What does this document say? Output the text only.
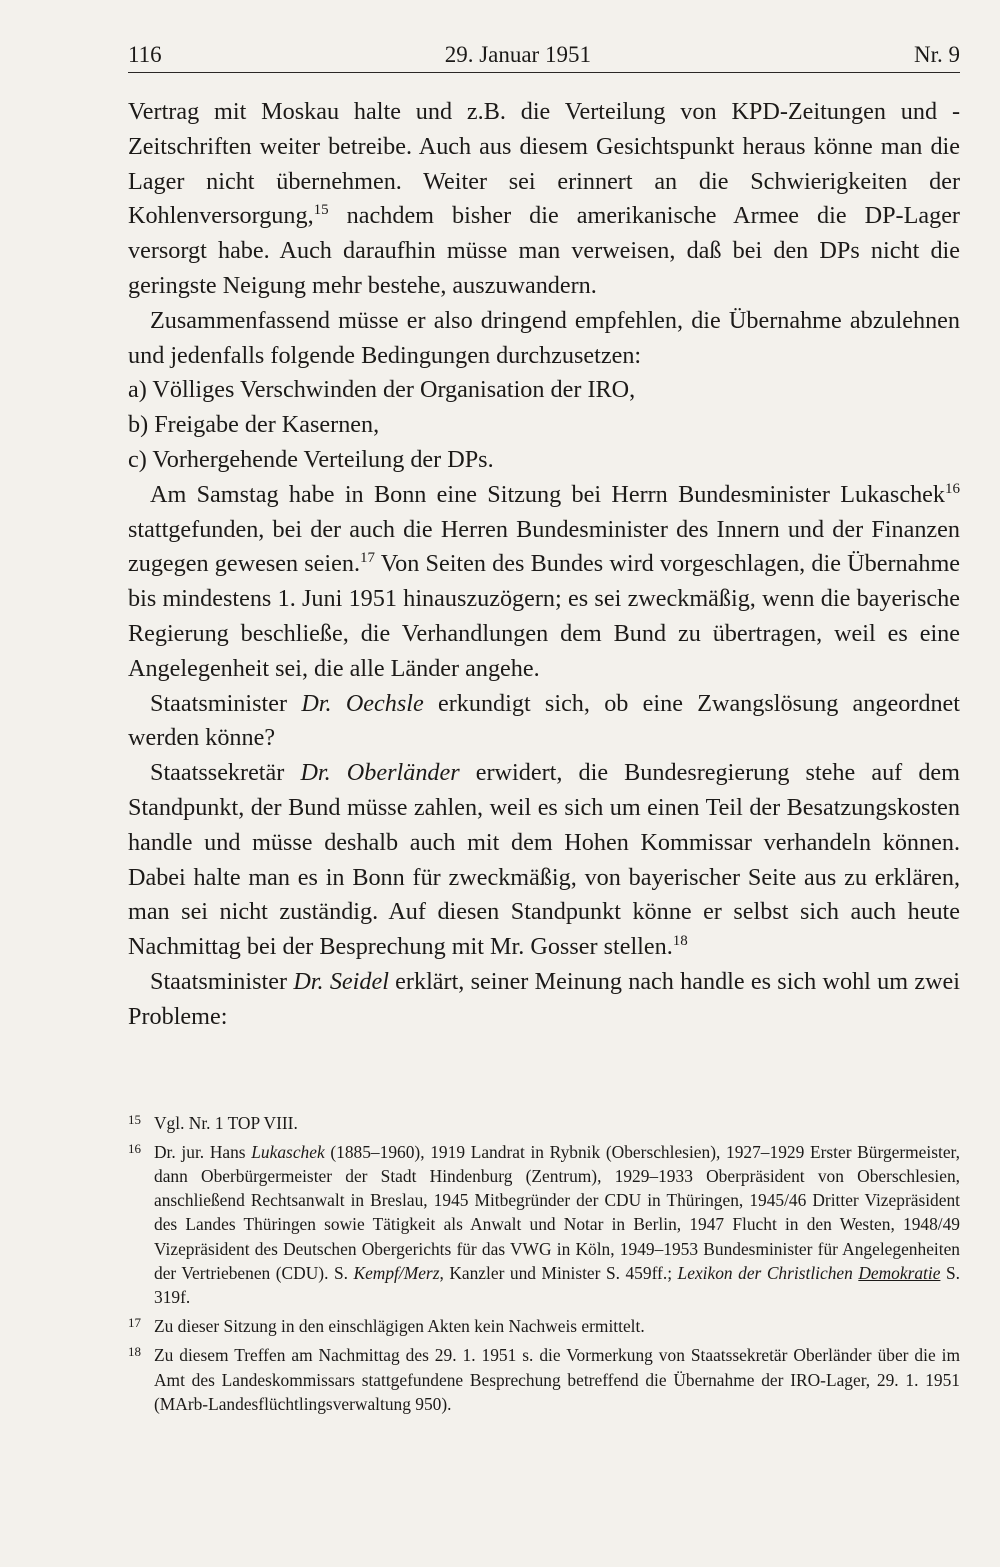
116	29. Januar 1951	Nr. 9

Vertrag mit Moskau halte und z.B. die Verteilung von KPD-Zeitungen und -Zeitschriften weiter betreibe. Auch aus diesem Gesichtspunkt heraus könne man die Lager nicht übernehmen. Weiter sei erinnert an die Schwierigkeiten der Kohlenversorgung,$^{15}$ nachdem bisher die amerikanische Armee die DP-Lager versorgt habe. Auch daraufhin müsse man verweisen, daß bei den DPs nicht die geringste Neigung mehr bestehe, auszuwandern.

Zusammenfassend müsse er also dringend empfehlen, die Übernahme abzulehnen und jedenfalls folgende Bedingungen durchzusetzen:

a) Völliges Verschwinden der Organisation der IRO,

b) Freigabe der Kasernen,

c) Vorhergehende Verteilung der DPs.

Am Samstag habe in Bonn eine Sitzung bei Herrn Bundesminister Lukaschek$^{16}$ stattgefunden, bei der auch die Herren Bundesminister des Innern und der Finanzen zugegen gewesen seien.$^{17}$ Von Seiten des Bundes wird vorgeschlagen, die Übernahme bis mindestens 1. Juni 1951 hinauszuzögern; es sei zweckmäßig, wenn die bayerische Regierung beschließe, die Verhandlungen dem Bund zu übertragen, weil es eine Angelegenheit sei, die alle Länder angehe.

Staatsminister Dr. Oechsle erkundigt sich, ob eine Zwangslösung angeordnet werden könne?

Staatssekretär Dr. Oberländer erwidert, die Bundesregierung stehe auf dem Standpunkt, der Bund müsse zahlen, weil es sich um einen Teil der Besatzungskosten handle und müsse deshalb auch mit dem Hohen Kommissar verhandeln können. Dabei halte man es in Bonn für zweckmäßig, von bayerischer Seite aus zu erklären, man sei nicht zuständig. Auf diesen Standpunkt könne er selbst sich auch heute Nachmittag bei der Besprechung mit Mr. Gosser stellen.$^{18}$

Staatsminister Dr. Seidel erklärt, seiner Meinung nach handle es sich wohl um zwei Probleme:

15 Vgl. Nr. 1 TOP VIII.
16 Dr. jur. Hans Lukaschek (1885–1960), 1919 Landrat in Rybnik (Oberschlesien), 1927–1929 Erster Bürgermeister, dann Oberbürgermeister der Stadt Hindenburg (Zentrum), 1929–1933 Oberpräsident von Oberschlesien, anschließend Rechtsanwalt in Breslau, 1945 Mitbegründer der CDU in Thüringen, 1945/46 Dritter Vizepräsident des Landes Thüringen sowie Tätigkeit als Anwalt und Notar in Berlin, 1947 Flucht in den Westen, 1948/49 Vizepräsident des Deutschen Obergerichts für das VWG in Köln, 1949–1953 Bundesminister für Angelegenheiten der Vertriebenen (CDU). S. Kempf/Merz, Kanzler und Minister S. 459ff.; Lexikon der Christlichen Demokratie S. 319f.
17 Zu dieser Sitzung in den einschlägigen Akten kein Nachweis ermittelt.
18 Zu diesem Treffen am Nachmittag des 29. 1. 1951 s. die Vormerkung von Staatssekretär Oberländer über die im Amt des Landeskommissars stattgefundene Besprechung betreffend die Übernahme der IRO-Lager, 29. 1. 1951 (MArb-Landesflüchtlingsverwaltung 950).
